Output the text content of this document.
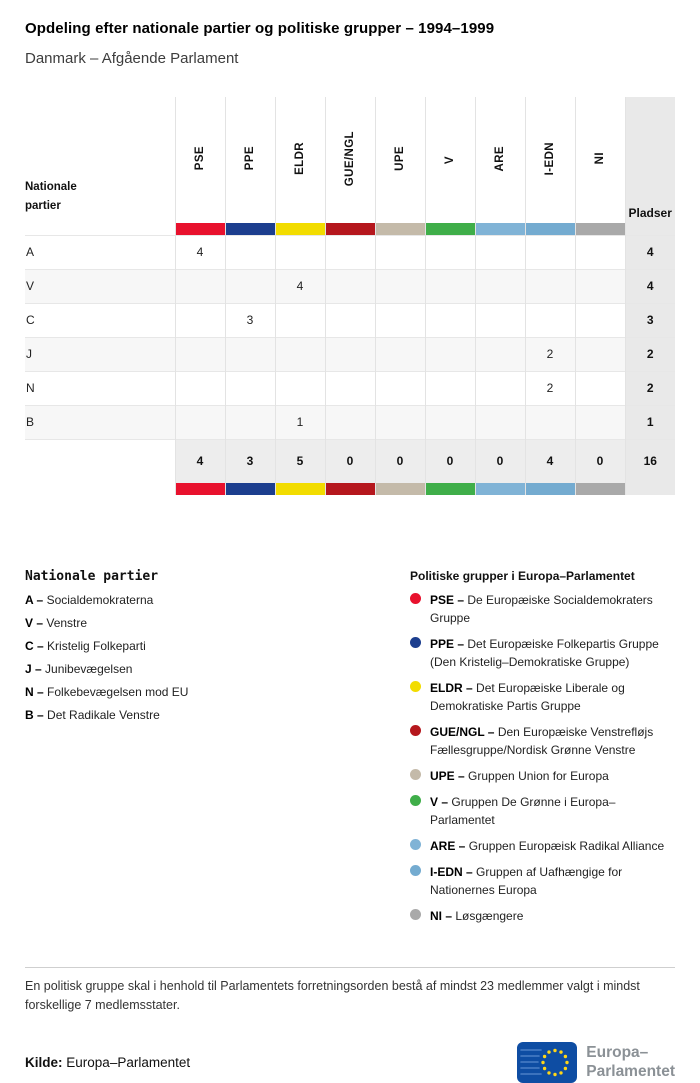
Opdeling efter nationale partier og politiske grupper – 1994–1999
Danmark – Afgående Parlament
Nationale partier	PSE	PPE	ELDR	GUE/NGL	UPE	V	ARE	I-EDN	NI	Pladser

A	4									4
V			4							4
C		3								3
J								2		2
N								2		2
B			1							1
	4	3	5	0	0	0	0	4	0	16

Nationale partier
A – Socialdemokraterna
V – Venstre
C – Kristelig Folkeparti
J – Junibevægelsen
N – Folkebevægelsen mod EU
B – Det Radikale Venstre
Politiske grupper i Europa–Parlamentet
PSE – De Europæiske Socialdemokraters Gruppe
PPE – Det Europæiske Folkepartis Gruppe (Den Kristelig–Demokratiske Gruppe)
ELDR – Det Europæiske Liberale og Demokratiske Partis Gruppe
GUE/NGL – Den Europæiske Venstrefløjs Fællesgruppe/Nordisk Grønne Venstre
UPE – Gruppen Union for Europa
V – Gruppen De Grønne i Europa–Parlamentet
ARE – Gruppen Europæisk Radikal Alliance
I-EDN – Gruppen af Uafhængige for Nationernes Europa
NI – Løsgængere
En politisk gruppe skal i henhold til Parlamentets forretningsorden bestå af mindst 23 medlemmer valgt i mindst forskellige 7 medlemsstater.
Kilde: Europa–Parlamentet
Europa–
Parlamentet
